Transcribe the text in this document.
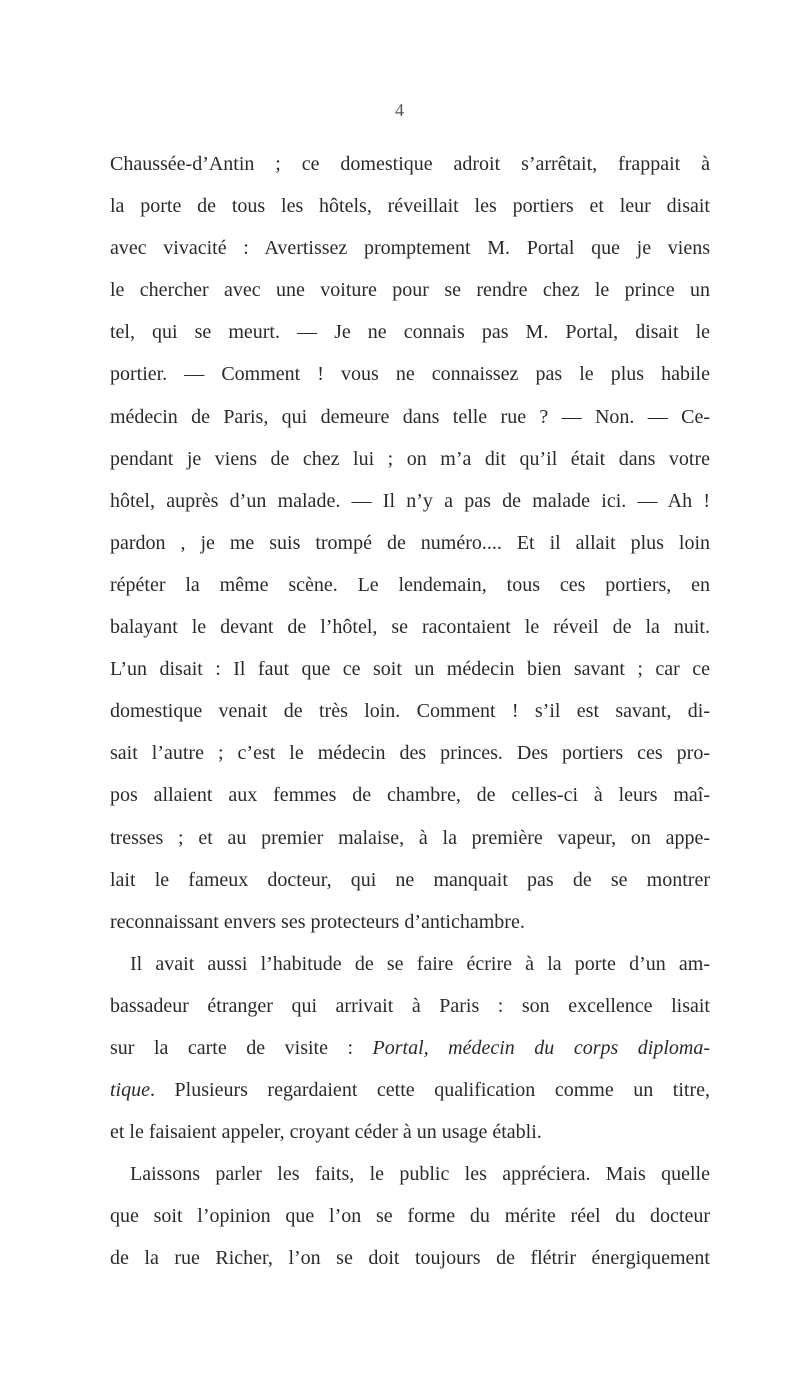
4
Chaussée-d’Antin ; ce domestique adroit s’arrêtait, frappait à
la porte de tous les hôtels, réveillait les portiers et leur disait
avec vivacité : Avertissez promptement M. Portal que je viens
le chercher avec une voiture pour se rendre chez le prince un
tel, qui se meurt. — Je ne connais pas M. Portal, disait le
portier. — Comment ! vous ne connaissez pas le plus habile
médecin de Paris, qui demeure dans telle rue ? — Non. — Ce-
pendant je viens de chez lui ; on m’a dit qu’il était dans votre
hôtel, auprès d’un malade. — Il n’y a pas de malade ici. — Ah !
pardon , je me suis trompé de numéro.... Et il allait plus loin
répéter la même scène. Le lendemain, tous ces portiers, en
balayant le devant de l’hôtel, se racontaient le réveil de la nuit.
L’un disait : Il faut que ce soit un médecin bien savant ; car ce
domestique venait de très loin. Comment ! s’il est savant, di-
sait l’autre ; c’est le médecin des princes. Des portiers ces pro-
pos allaient aux femmes de chambre, de celles-ci à leurs maî-
tresses ; et au premier malaise, à la première vapeur, on appe-
lait le fameux docteur, qui ne manquait pas de se montrer
reconnaissant envers ses protecteurs d’antichambre.
Il avait aussi l’habitude de se faire écrire à la porte d’un am-
bassadeur étranger qui arrivait à Paris : son excellence lisait
sur la carte de visite : Portal, médecin du corps diploma-
tique. Plusieurs regardaient cette qualification comme un titre,
et le faisaient appeler, croyant céder à un usage établi.
Laissons parler les faits, le public les appréciera. Mais quelle
que soit l’opinion que l’on se forme du mérite réel du docteur
de la rue Richer, l’on se doit toujours de flétrir énergiquement
